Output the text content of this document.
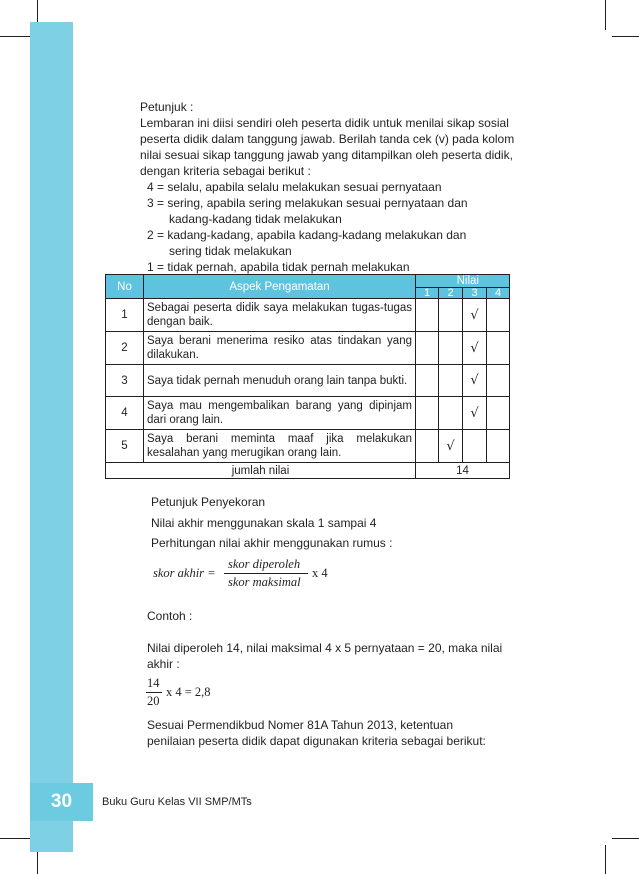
Petunjuk :
Lembaran ini diisi sendiri oleh peserta didik untuk menilai sikap sosial
peserta didik dalam tanggung jawab. Berilah tanda cek (v) pada kolom
nilai sesuai sikap tanggung jawab yang ditampilkan oleh peserta didik,
dengan kriteria sebagai berikut :
4 = selalu, apabila selalu melakukan sesuai pernyataan
3 = sering, apabila sering melakukan sesuai pernyataan dan
kadang-kadang tidak melakukan
2 = kadang-kadang, apabila kadang-kadang melakukan dan
sering tidak melakukan
1 = tidak pernah, apabila tidak pernah melakukan
No	Aspek Pengamatan	Nilai			
		1	2	3	4
1	Sebagai peserta didik saya melakukan tugas-tugas dengan baik.			√	
2	Saya berani menerima resiko atas tindakan yang dilakukan.			√	
3	Saya tidak pernah menuduh orang lain tanpa bukti.			√	
4	Saya mau mengembalikan barang yang dipinjam dari orang lain.			√	
5	Saya berani meminta maaf jika melakukan kesalahan yang merugikan orang lain.		√		
jumlah nilai		14			
Petunjuk Penyekoran
Nilai akhir menggunakan skala 1 sampai 4
Perhitungan nilai akhir menggunakan rumus :
skor akhir =
skor diperoleh
skor maksimal
x 4
Contoh :
Nilai diperoleh 14, nilai maksimal 4 x 5 pernyataan = 20, maka nilai
akhir :
14
20
x 4 = 2,8
Sesuai Permendikbud Nomer 81A Tahun 2013, ketentuan
penilaian peserta didik dapat digunakan kriteria sebagai berikut:
30	Buku Guru Kelas VII SMP/MTs
